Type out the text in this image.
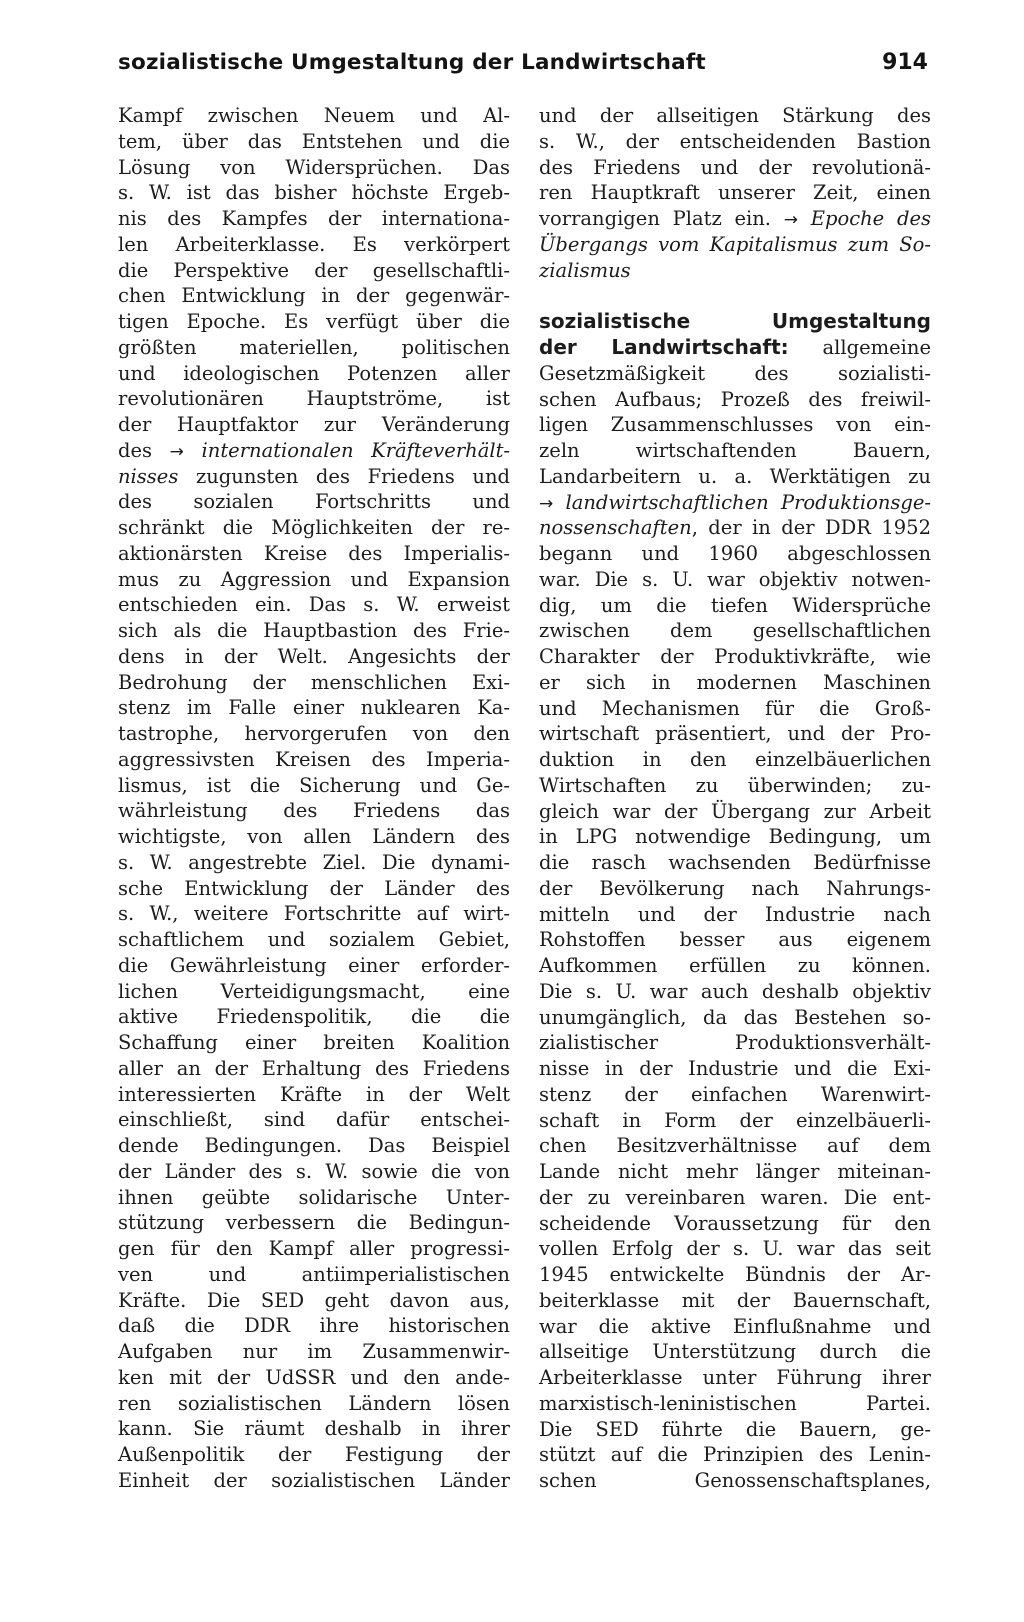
sozialistische Umgestaltung der Landwirtschaft	914
Kampf zwischen Neuem und Al-
tem, über das Entstehen und die
Lösung von Widersprüchen. Das
s. W. ist das bisher höchste Ergeb-
nis des Kampfes der internationa-
len Arbeiterklasse. Es verkörpert
die Perspektive der gesellschaftli-
chen Entwicklung in der gegenwär-
tigen Epoche. Es verfügt über die
größten materiellen, politischen
und ideologischen Potenzen aller
revolutionären Hauptströme, ist
der Hauptfaktor zur Veränderung
des → internationalen Kräfteverhält-
nisses zugunsten des Friedens und
des sozialen Fortschritts und
schränkt die Möglichkeiten der re-
aktionärsten Kreise des Imperialis-
mus zu Aggression und Expansion
entschieden ein. Das s. W. erweist
sich als die Hauptbastion des Frie-
dens in der Welt. Angesichts der
Bedrohung der menschlichen Exi-
stenz im Falle einer nuklearen Ka-
tastrophe, hervorgerufen von den
aggressivsten Kreisen des Imperia-
lismus, ist die Sicherung und Ge-
währleistung des Friedens das
wichtigste, von allen Ländern des
s. W. angestrebte Ziel. Die dynami-
sche Entwicklung der Länder des
s. W., weitere Fortschritte auf wirt-
schaftlichem und sozialem Gebiet,
die Gewährleistung einer erforder-
lichen Verteidigungsmacht, eine
aktive Friedenspolitik, die die
Schaffung einer breiten Koalition
aller an der Erhaltung des Friedens
interessierten Kräfte in der Welt
einschließt, sind dafür entschei-
dende Bedingungen. Das Beispiel
der Länder des s. W. sowie die von
ihnen geübte solidarische Unter-
stützung verbessern die Bedingun-
gen für den Kampf aller progressi-
ven und antiimperialistischen
Kräfte. Die SED geht davon aus,
daß die DDR ihre historischen
Aufgaben nur im Zusammenwir-
ken mit der UdSSR und den ande-
ren sozialistischen Ländern lösen
kann. Sie räumt deshalb in ihrer
Außenpolitik der Festigung der
Einheit der sozialistischen Länder
und der allseitigen Stärkung des
s. W., der entscheidenden Bastion
des Friedens und der revolutionä-
ren Hauptkraft unserer Zeit, einen
vorrangigen Platz ein. → Epoche des
Übergangs vom Kapitalismus zum So-
zialismus
sozialistische Umgestaltung
der Landwirtschaft: allgemeine
Gesetzmäßigkeit des sozialisti-
schen Aufbaus; Prozeß des freiwil-
ligen Zusammenschlusses von ein-
zeln wirtschaftenden Bauern,
Landarbeitern u. a. Werktätigen zu
→ landwirtschaftlichen Produktionsge-
nossenschaften, der in der DDR 1952
begann und 1960 abgeschlossen
war. Die s. U. war objektiv notwen-
dig, um die tiefen Widersprüche
zwischen dem gesellschaftlichen
Charakter der Produktivkräfte, wie
er sich in modernen Maschinen
und Mechanismen für die Groß-
wirtschaft präsentiert, und der Pro-
duktion in den einzelbäuerlichen
Wirtschaften zu überwinden; zu-
gleich war der Übergang zur Arbeit
in LPG notwendige Bedingung, um
die rasch wachsenden Bedürfnisse
der Bevölkerung nach Nahrungs-
mitteln und der Industrie nach
Rohstoffen besser aus eigenem
Aufkommen erfüllen zu können.
Die s. U. war auch deshalb objektiv
unumgänglich, da das Bestehen so-
zialistischer Produktionsverhält-
nisse in der Industrie und die Exi-
stenz der einfachen Warenwirt-
schaft in Form der einzelbäuerli-
chen Besitzverhältnisse auf dem
Lande nicht mehr länger miteinan-
der zu vereinbaren waren. Die ent-
scheidende Voraussetzung für den
vollen Erfolg der s. U. war das seit
1945 entwickelte Bündnis der Ar-
beiterklasse mit der Bauernschaft,
war die aktive Einflußnahme und
allseitige Unterstützung durch die
Arbeiterklasse unter Führung ihrer
marxistisch-leninistischen Partei.
Die SED führte die Bauern, ge-
stützt auf die Prinzipien des Lenin-
schen Genossenschaftsplanes,
